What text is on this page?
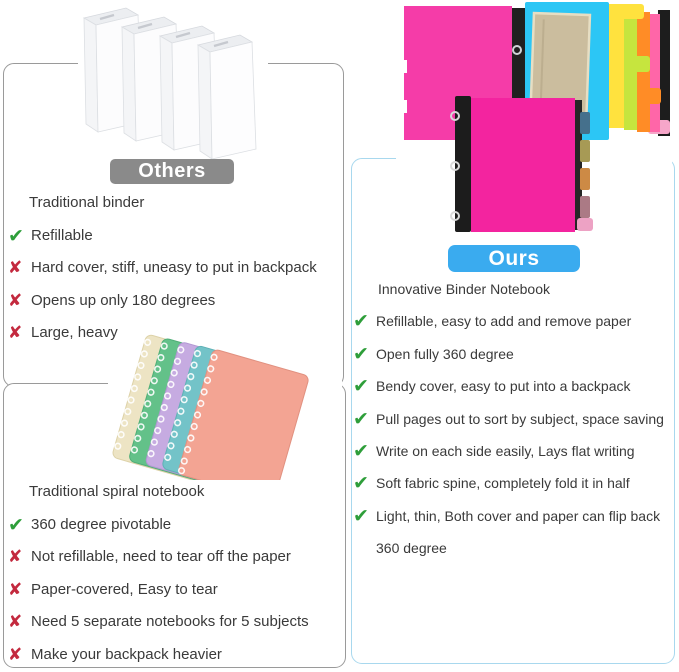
Others
Ours
Traditional binder
✔ Refillable
✘ Hard cover, stiff, uneasy to put in backpack
✘ Opens up only 180 degrees
✘ Large, heavy
Traditional spiral notebook
✔ 360 degree pivotable
✘ Not refillable, need to tear off the paper
✘ Paper-covered, Easy to tear
✘ Need 5 separate notebooks for 5 subjects
✘ Make your backpack heavier
Innovative Binder Notebook
✔ Refillable, easy to add and remove paper
✔ Open fully 360 degree
✔ Bendy cover, easy to put into a backpack
✔ Pull pages out to sort by subject, space saving
✔ Write on each side easily, Lays flat writing
✔ Soft fabric spine, completely fold it in half
✔ Light, thin, Both cover and paper can flip back 360 degree
